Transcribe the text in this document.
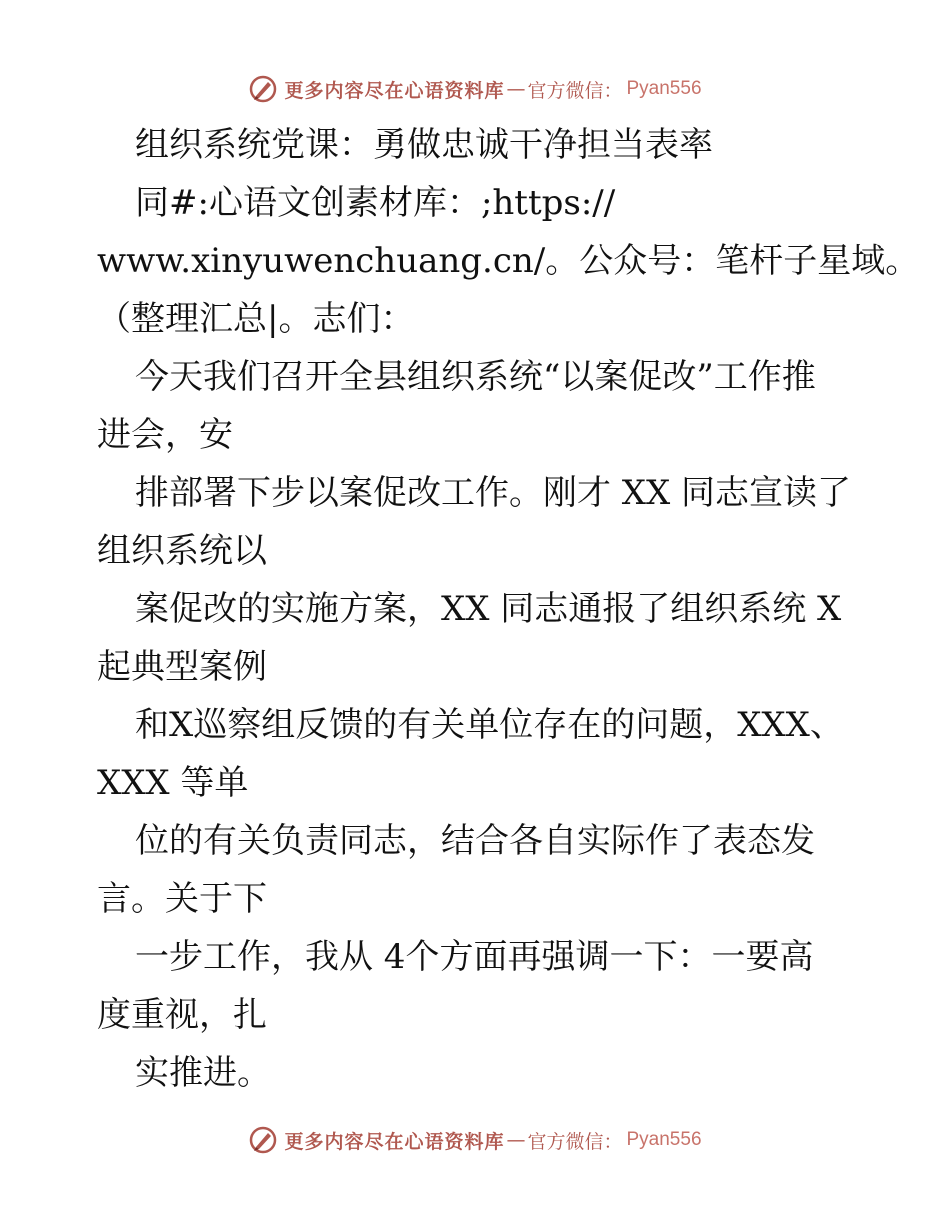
更多内容尽在心语资料库 — 官方微信： Pyan556

组织系统党课：勇做忠诚干净担当表率

同#:心语文创素材库：;https://

www.xinyuwenchuang.cn/。公众号：笔杆子星域。

（整理汇总|。志们：

今天我们召开全县组织系统“以案促改”工作推

进会，安

排部署下步以案促改工作。刚才 XX 同志宣读了

组织系统以

案促改的实施方案，XX 同志通报了组织系统 X

起典型案例

和X巡察组反馈的有关单位存在的问题，XXX、

XXX 等单

位的有关负责同志，结合各自实际作了表态发

言。关于下

一步工作，我从 4个方面再强调一下：一要高

度重视，扎

实推进。

更多内容尽在心语资料库 — 官方微信： Pyan556
